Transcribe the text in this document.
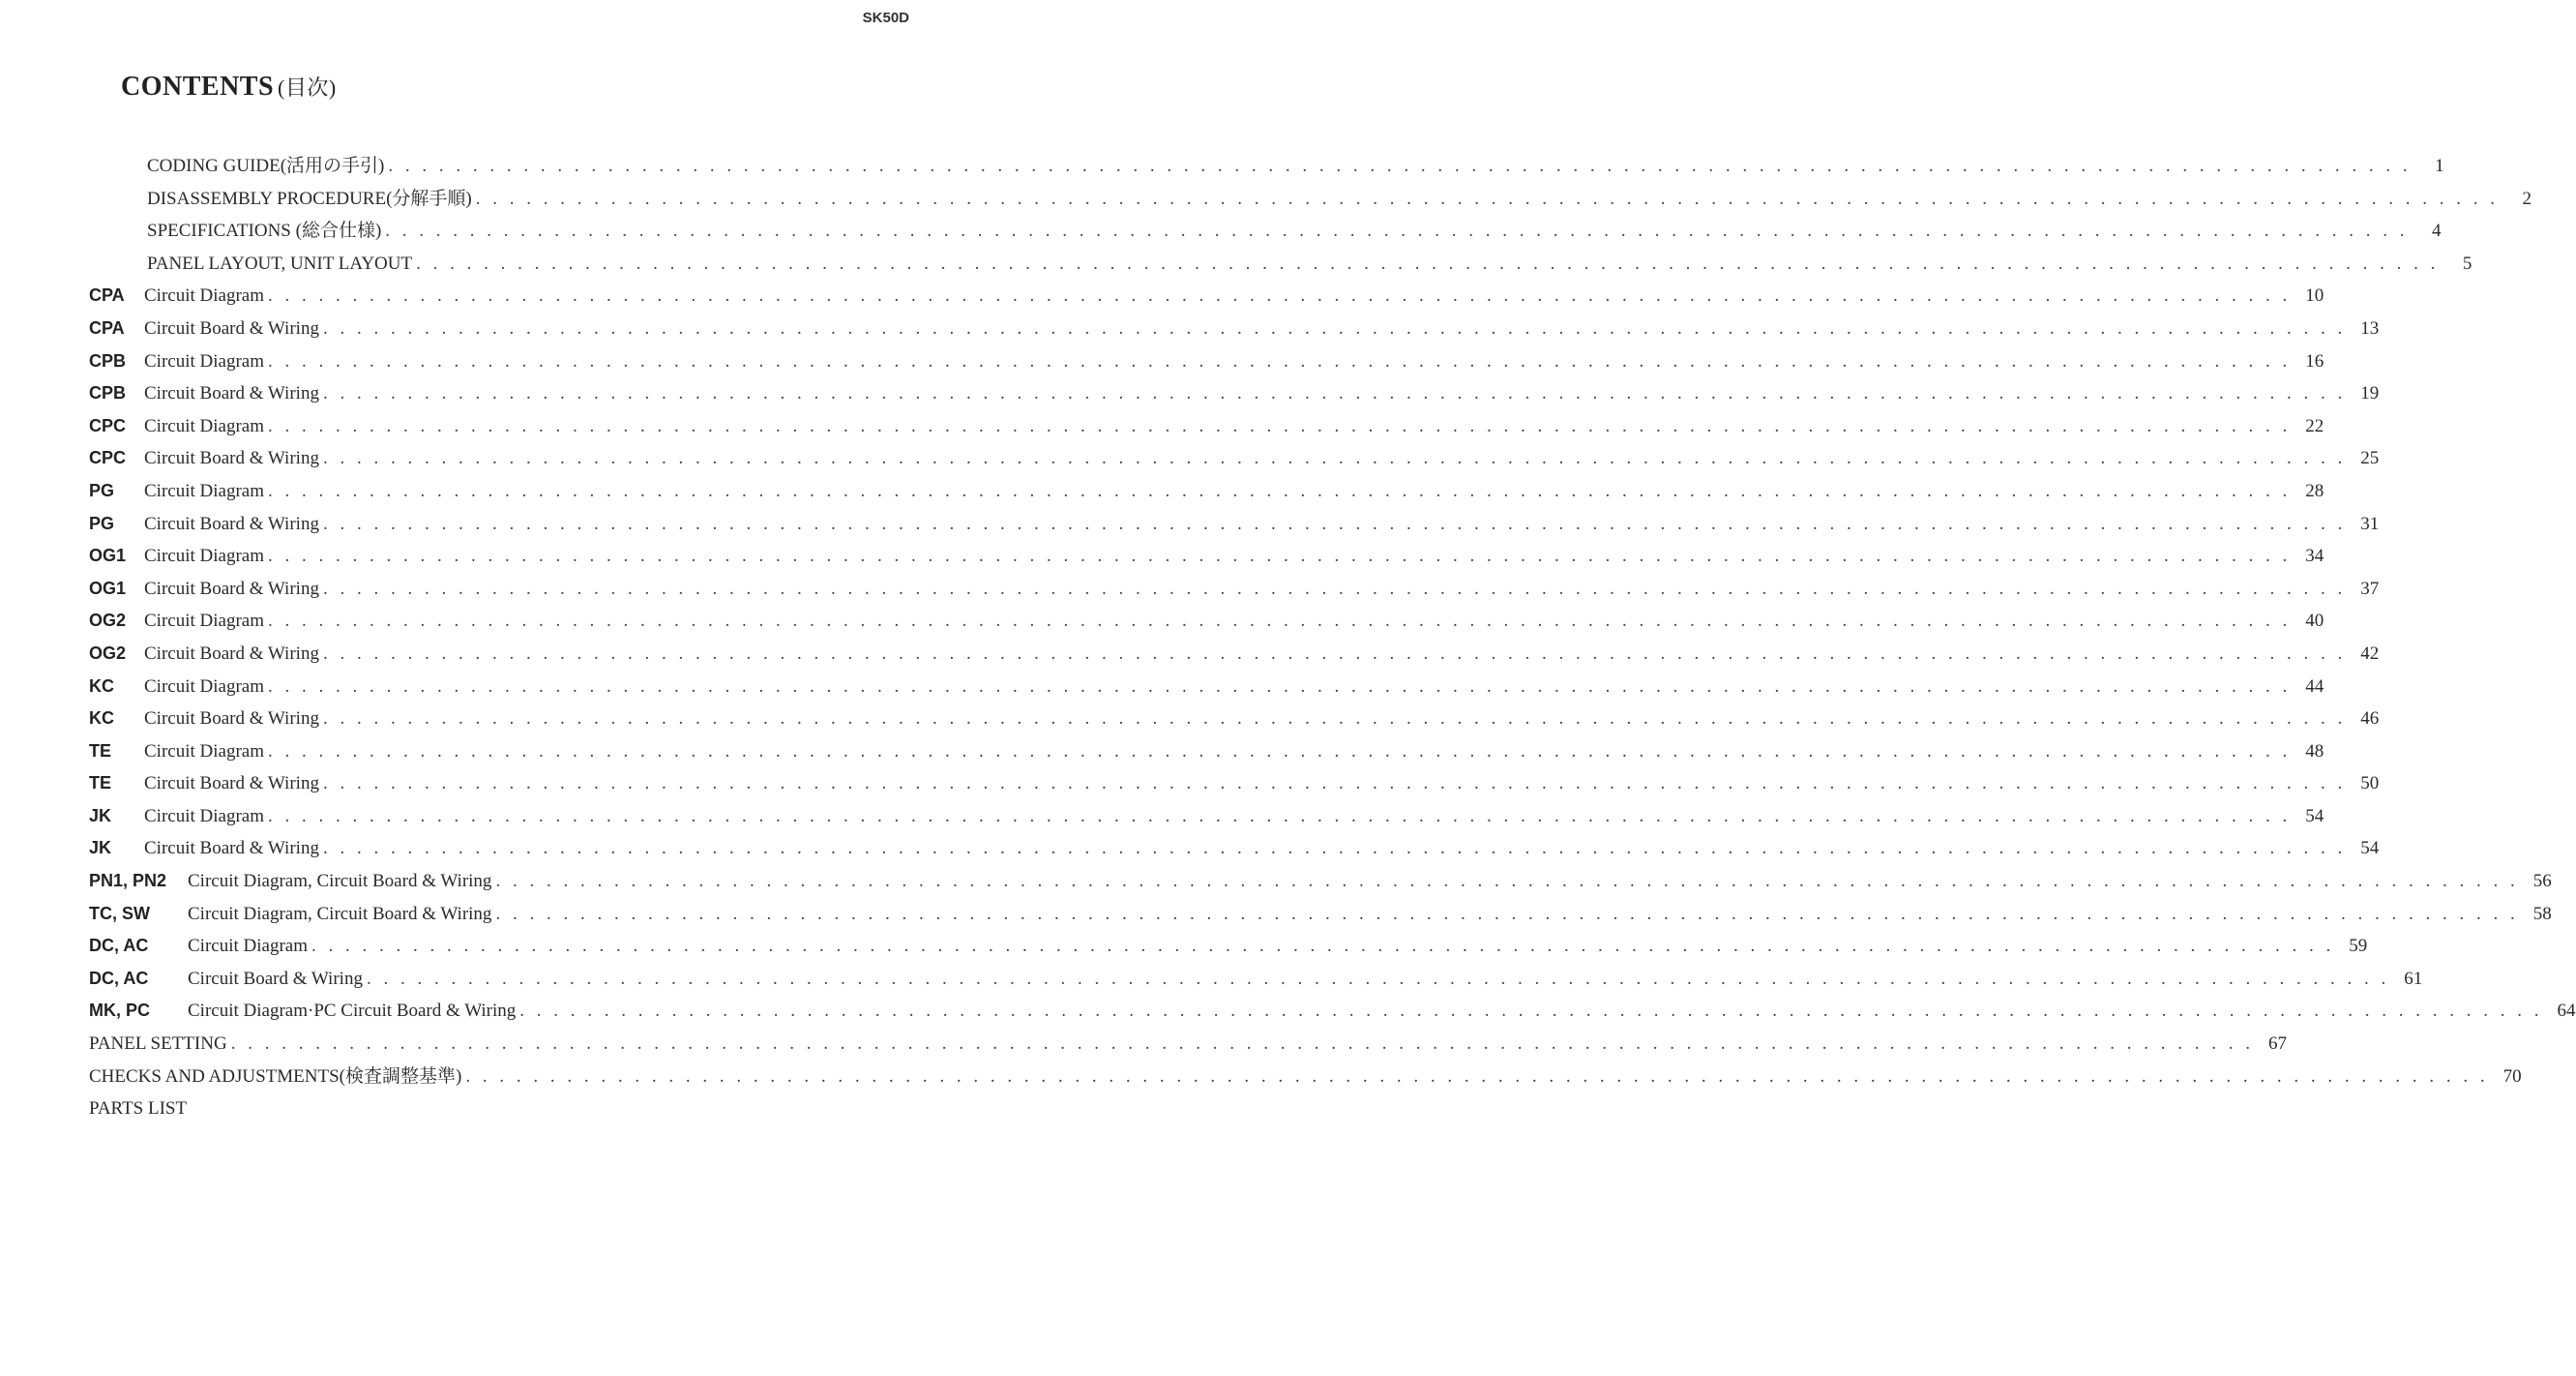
SK50D
CONTENTS (目次)
CODING GUIDE(活用の手引) . . . . . . . . . . . . . . . . . . . . . . . . . . . . . . . . . . . . . . . . . . . . . . . . . . . . . . . . . . . . . . . . . . . . . . . . . . . . . . . . . . . . . . . . . . . . . . . . . . . . . . . . . . . . . . . . . . . . . . . .	1
DISASSEMBLY PROCEDURE(分解手順) . . . . . . . . . . . . . . . . . . . . . . . . . . . . . . . . . . . . . . . . . . . . . . . . . . . . . . . . . . . . . . . . . . . . . . . . . . . . . . . . . . . . . . . . . . . . . . . . . . . . . . . . . . . . . . . . . . . . . . . .	2
SPECIFICATIONS (総合仕様) . . . . . . . . . . . . . . . . . . . . . . . . . . . . . . . . . . . . . . . . . . . . . . . . . . . . . . . . . . . . . . . . . . . . . . . . . . . . . . . . . . . . . . . . . . . . . . . . . . . . . . . . . . . . . . . . . . . . . . . .	4
PANEL LAYOUT, UNIT LAYOUT . . . . . . . . . . . . . . . . . . . . . . . . . . . . . . . . . . . . . . . . . . . . . . . . . . . . . . . . . . . . . . . . . . . . . . . . . . . . . . . . . . . . . . . . . . . . . . . . . . . . . . . . . . . . . . . . . . . . . . . .	5
CPA	Circuit Diagram . . . . . . . . . . . . . . . . . . . . . . . . . . . . . . . . . . . . . . . . . . . . . . . . . . . . . . . . . . . . . . . . . . . . . . . . . . . . . . . . . . . . . . . . . . . . . . . . . . . . . . . . . . . . . . . . . . . . . . . . 10
CPA	Circuit Board & Wiring . . . . . . . . . . . . . . . . . . . . . . . . . . . . . . . . . . . . . . . . . . . . . . . . . . . . . . . . . . . . . . . . . . . . . . . . . . . . . . . . . . . . . . . . . . . . . . . . . . . . . . . . . . . . . . . . . . . . . . . . 13
CPB Circuit Diagram . . . . . . . . . . . . . . . . . . . . . . . . . . . . . . . . . . . . . . . . . . . . . . . . . . . . . . . . . . . . . . . . . . . . . . . . . . . . . . . . . . . . . . . . . . . . . . . . . . . . . . . . . . . . . . . . . . . . . . . . 16
CPB Circuit Board & Wiring . . . . . . . . . . . . . . . . . . . . . . . . . . . . . . . . . . . . . . . . . . . . . . . . . . . . . . . . . . . . . . . . . . . . . . . . . . . . . . . . . . . . . . . . . . . . . . . . . . . . . . . . . . . . . . . . . . . . . . . . 19
CPC Circuit Diagram . . . . . . . . . . . . . . . . . . . . . . . . . . . . . . . . . . . . . . . . . . . . . . . . . . . . . . . . . . . . . . . . . . . . . . . . . . . . . . . . . . . . . . . . . . . . . . . . . . . . . . . . . . . . . . . . . . . . . . . . 22
CPC Circuit Board & Wiring . . . . . . . . . . . . . . . . . . . . . . . . . . . . . . . . . . . . . . . . . . . . . . . . . . . . . . . . . . . . . . . . . . . . . . . . . . . . . . . . . . . . . . . . . . . . . . . . . . . . . . . . . . . . . . . . . . . . . . . . 25
PG	Circuit Diagram . . . . . . . . . . . . . . . . . . . . . . . . . . . . . . . . . . . . . . . . . . . . . . . . . . . . . . . . . . . . . . . . . . . . . . . . . . . . . . . . . . . . . . . . . . . . . . . . . . . . . . . . . . . . . . . . . . . . . . . . 28
PG	Circuit Board & Wiring . . . . . . . . . . . . . . . . . . . . . . . . . . . . . . . . . . . . . . . . . . . . . . . . . . . . . . . . . . . . . . . . . . . . . . . . . . . . . . . . . . . . . . . . . . . . . . . . . . . . . . . . . . . . . . . . . . . . . . . . 31
OG1 Circuit Diagram . . . . . . . . . . . . . . . . . . . . . . . . . . . . . . . . . . . . . . . . . . . . . . . . . . . . . . . . . . . . . . . . . . . . . . . . . . . . . . . . . . . . . . . . . . . . . . . . . . . . . . . . . . . . . . . . . . . . . . . . 34
OG1 Circuit Board & Wiring . . . . . . . . . . . . . . . . . . . . . . . . . . . . . . . . . . . . . . . . . . . . . . . . . . . . . . . . . . . . . . . . . . . . . . . . . . . . . . . . . . . . . . . . . . . . . . . . . . . . . . . . . . . . . . . . . . . . . . . . 37
OG2 Circuit Diagram . . . . . . . . . . . . . . . . . . . . . . . . . . . . . . . . . . . . . . . . . . . . . . . . . . . . . . . . . . . . . . . . . . . . . . . . . . . . . . . . . . . . . . . . . . . . . . . . . . . . . . . . . . . . . . . . . . . . . . . . 40
OG2 Circuit Board & Wiring . . . . . . . . . . . . . . . . . . . . . . . . . . . . . . . . . . . . . . . . . . . . . . . . . . . . . . . . . . . . . . . . . . . . . . . . . . . . . . . . . . . . . . . . . . . . . . . . . . . . . . . . . . . . . . . . . . . . . . . . 42
KC	Circuit Diagram . . . . . . . . . . . . . . . . . . . . . . . . . . . . . . . . . . . . . . . . . . . . . . . . . . . . . . . . . . . . . . . . . . . . . . . . . . . . . . . . . . . . . . . . . . . . . . . . . . . . . . . . . . . . . . . . . . . . . . . . 44
KC	Circuit Board & Wiring . . . . . . . . . . . . . . . . . . . . . . . . . . . . . . . . . . . . . . . . . . . . . . . . . . . . . . . . . . . . . . . . . . . . . . . . . . . . . . . . . . . . . . . . . . . . . . . . . . . . . . . . . . . . . . . . . . . . . . . . 46
TE	Circuit Diagram . . . . . . . . . . . . . . . . . . . . . . . . . . . . . . . . . . . . . . . . . . . . . . . . . . . . . . . . . . . . . . . . . . . . . . . . . . . . . . . . . . . . . . . . . . . . . . . . . . . . . . . . . . . . . . . . . . . . . . . . 48
TE	Circuit Board & Wiring . . . . . . . . . . . . . . . . . . . . . . . . . . . . . . . . . . . . . . . . . . . . . . . . . . . . . . . . . . . . . . . . . . . . . . . . . . . . . . . . . . . . . . . . . . . . . . . . . . . . . . . . . . . . . . . . . . . . . . . . 50
JK	Circuit Diagram . . . . . . . . . . . . . . . . . . . . . . . . . . . . . . . . . . . . . . . . . . . . . . . . . . . . . . . . . . . . . . . . . . . . . . . . . . . . . . . . . . . . . . . . . . . . . . . . . . . . . . . . . . . . . . . . . . . . . . . . 54
JK	Circuit Board & Wiring . . . . . . . . . . . . . . . . . . . . . . . . . . . . . . . . . . . . . . . . . . . . . . . . . . . . . . . . . . . . . . . . . . . . . . . . . . . . . . . . . . . . . . . . . . . . . . . . . . . . . . . . . . . . . . . . . . . . . . . . 54
PN1, PN2	Circuit Diagram, Circuit Board & Wiring . . . . . . . . . . . . . . . . . . . . . . . . . . . . . . . . . . . . . . . . . . . . . . . . . . . . . . . . . . . . . . . . . . . . . . . . . . . . . . . . . . . . . . . . . . . . . . . . . . . . . . . . . . . . . . . . . . . . . . . . 56
TC, SW	Circuit Diagram, Circuit Board & Wiring . . . . . . . . . . . . . . . . . . . . . . . . . . . . . . . . . . . . . . . . . . . . . . . . . . . . . . . . . . . . . . . . . . . . . . . . . . . . . . . . . . . . . . . . . . . . . . . . . . . . . . . . . . . . . . . . . . . . . . . . 58
DC, AC	Circuit Diagram . . . . . . . . . . . . . . . . . . . . . . . . . . . . . . . . . . . . . . . . . . . . . . . . . . . . . . . . . . . . . . . . . . . . . . . . . . . . . . . . . . . . . . . . . . . . . . . . . . . . . . . . . . . . . . . . . . . . . . . . 59
DC, AC	Circuit Board & Wiring . . . . . . . . . . . . . . . . . . . . . . . . . . . . . . . . . . . . . . . . . . . . . . . . . . . . . . . . . . . . . . . . . . . . . . . . . . . . . . . . . . . . . . . . . . . . . . . . . . . . . . . . . . . . . . . . . . . . . . . . 61
MK, PC	Circuit Diagram·PC Circuit Board & Wiring . . . . . . . . . . . . . . . . . . . . . . . . . . . . . . . . . . . . . . . . . . . . . . . . . . . . . . . . . . . . . . . . . . . . . . . . . . . . . . . . . . . . . . . . . . . . . . . . . . . . . . . . . . . . . . . . . . . . . . . . 64
PANEL SETTING . . . . . . . . . . . . . . . . . . . . . . . . . . . . . . . . . . . . . . . . . . . . . . . . . . . . . . . . . . . . . . . . . . . . . . . . . . . . . . . . . . . . . . . . . . . . . . . . . . . . . . . . . . . . . . . . . . . . . . . . 67
CHECKS AND ADJUSTMENTS(検査調整基準) . . . . . . . . . . . . . . . . . . . . . . . . . . . . . . . . . . . . . . . . . . . . . . . . . . . . . . . . . . . . . . . . . . . . . . . . . . . . . . . . . . . . . . . . . . . . . . . . . . . . . . . . . . . . . . . . . . . . . . . . 70
PARTS LIST
